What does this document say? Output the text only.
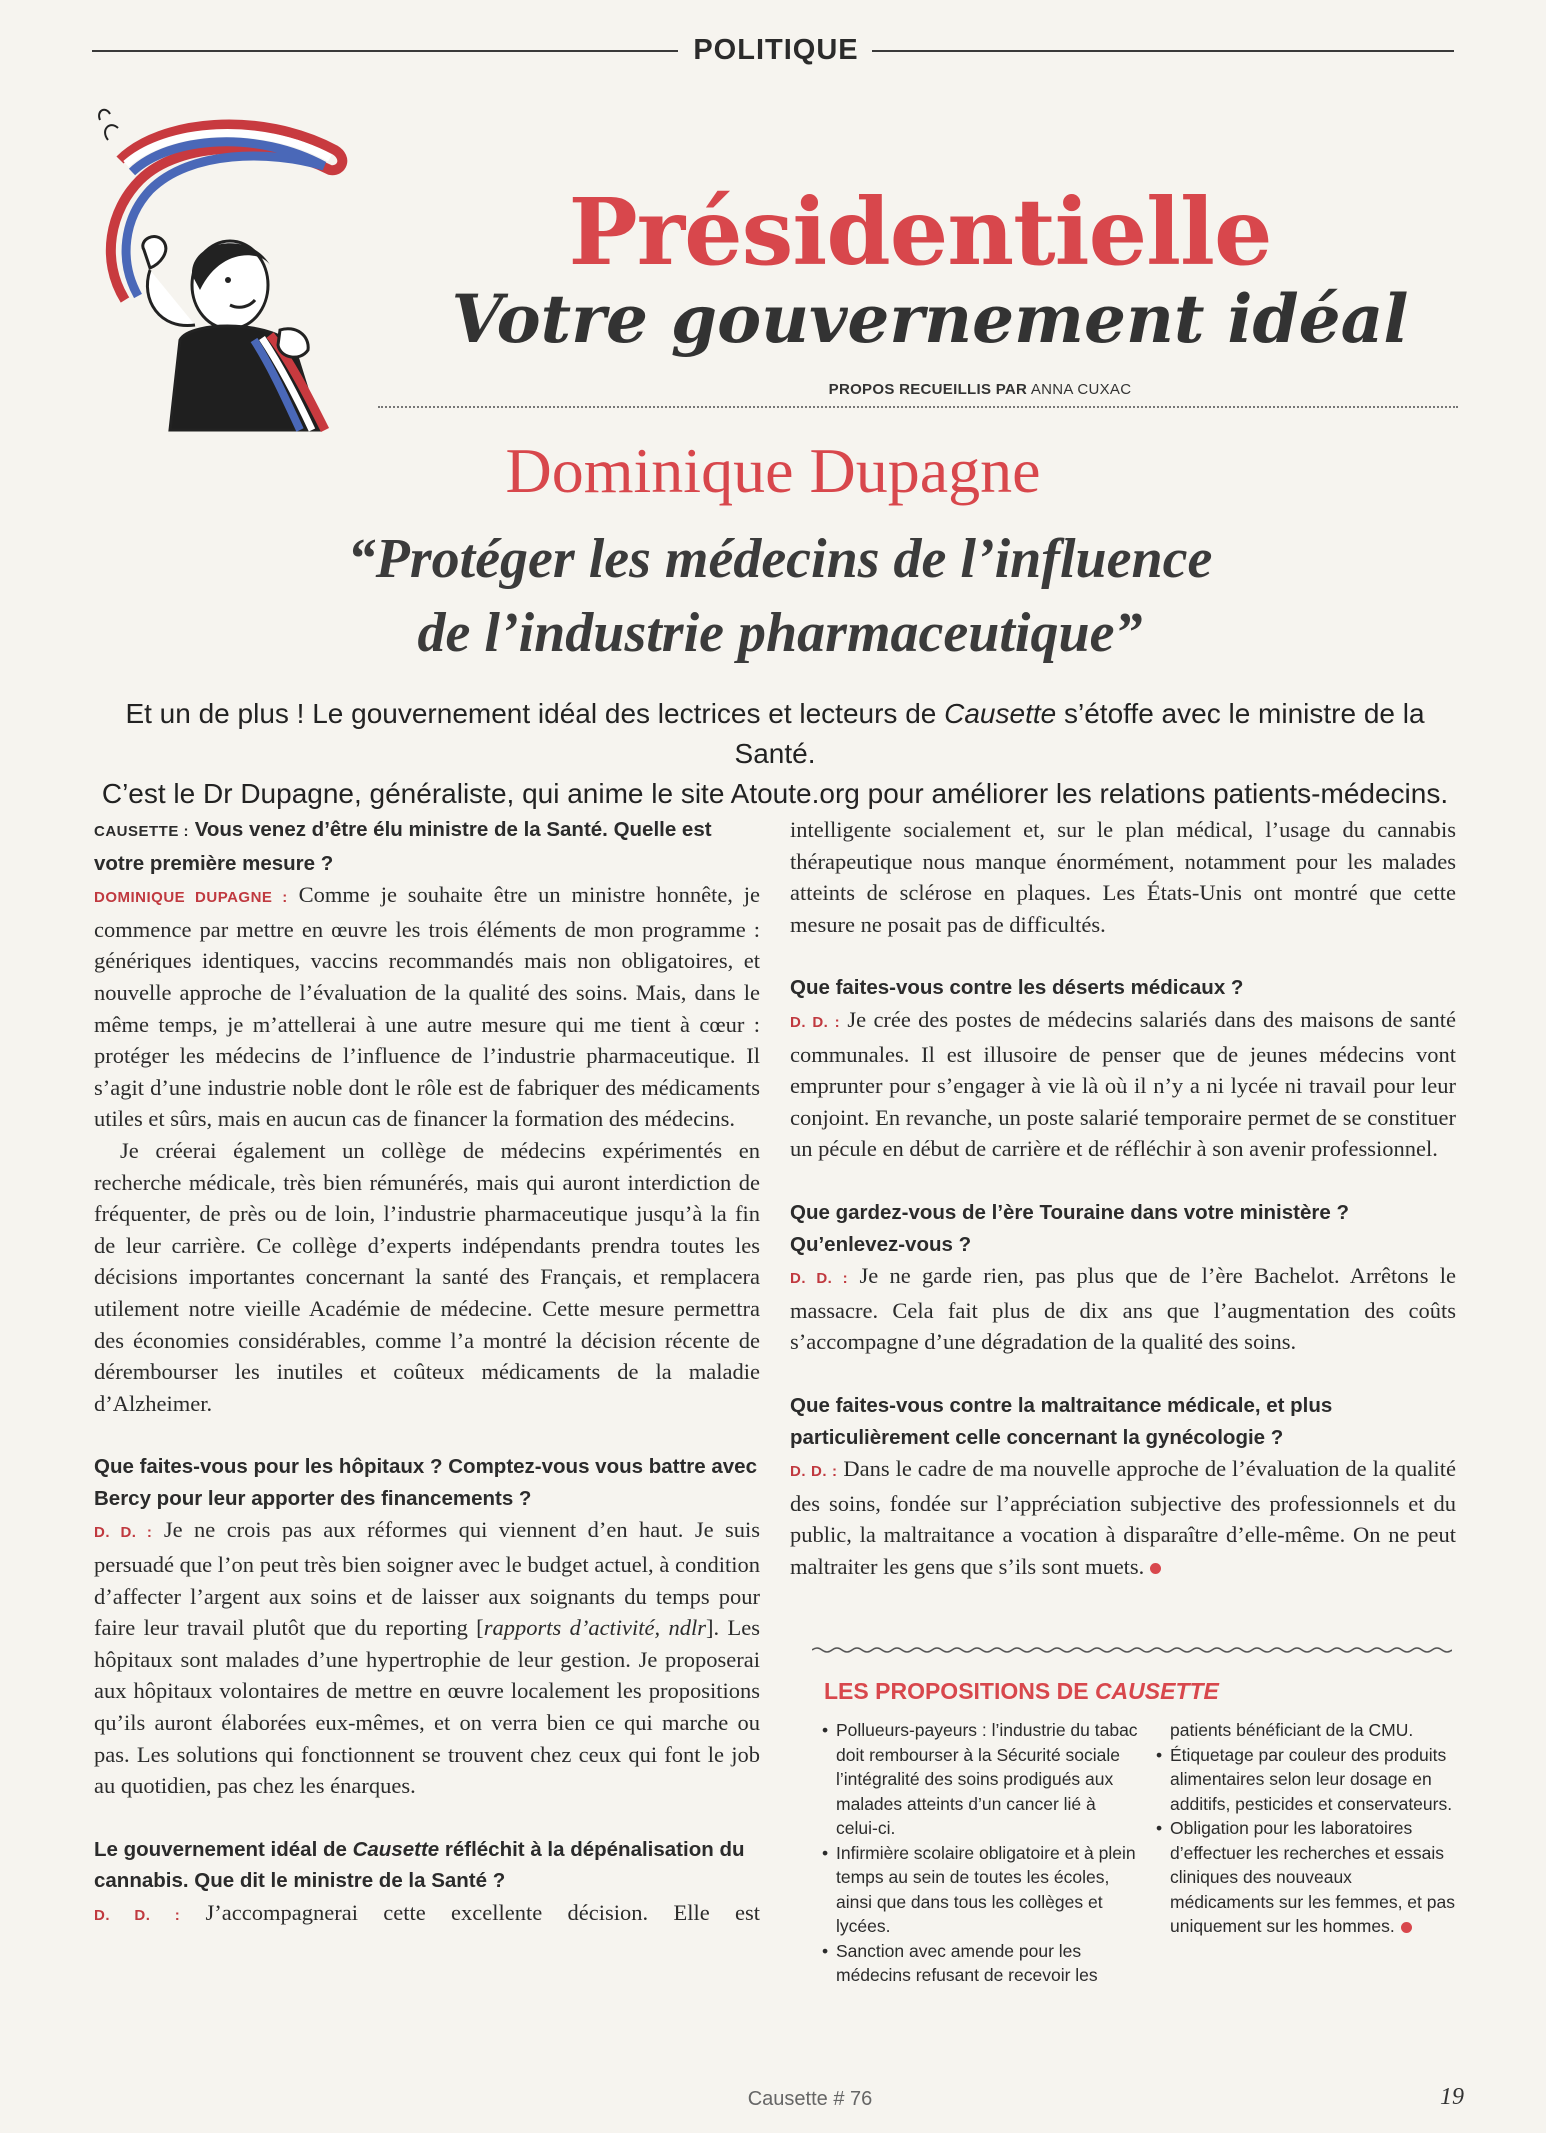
POLITIQUE
Présidentielle
Votre gouvernement idéal
PROPOS RECUEILLIS PAR ANNA CUXAC
Dominique Dupagne
“Protéger les médecins de l’influence
de l’industrie pharmaceutique”
Et un de plus ! Le gouvernement idéal des lectrices et lecteurs de Causette s’étoffe avec le ministre de la Santé.
C’est le Dr Dupagne, généraliste, qui anime le site Atoute.org pour améliorer les relations patients-médecins.

CAUSETTE : Vous venez d’être élu ministre de la Santé. Quelle est votre première mesure ?

DOMINIQUE DUPAGNE : Comme je souhaite être un ministre honnête, je commence par mettre en œuvre les trois éléments de mon programme : génériques identiques, vaccins recommandés mais non obligatoires, et nouvelle approche de l’évaluation de la qualité des soins. Mais, dans le même temps, je m’attellerai à une autre mesure qui me tient à cœur : protéger les médecins de l’influence de l’industrie pharmaceutique. Il s’agit d’une industrie noble dont le rôle est de fabriquer des médicaments utiles et sûrs, mais en aucun cas de financer la formation des médecins.

Je créerai également un collège de médecins expérimentés en recherche médicale, très bien rémunérés, mais qui auront interdiction de fréquenter, de près ou de loin, l’industrie pharmaceutique jusqu’à la fin de leur carrière. Ce collège d’experts indépendants prendra toutes les décisions importantes concernant la santé des Français, et remplacera utilement notre vieille Académie de médecine. Cette mesure permettra des économies considérables, comme l’a montré la décision récente de dérembourser les inutiles et coûteux médicaments de la maladie d’Alzheimer.

Que faites-vous pour les hôpitaux ? Comptez-vous vous battre avec Bercy pour leur apporter des financements ?

D. D. : Je ne crois pas aux réformes qui viennent d’en haut. Je suis persuadé que l’on peut très bien soigner avec le budget actuel, à condition d’affecter l’argent aux soins et de laisser aux soignants du temps pour faire leur travail plutôt que du reporting [rapports d’activité, ndlr]. Les hôpitaux sont malades d’une hypertrophie de leur gestion. Je proposerai aux hôpitaux volontaires de mettre en œuvre localement les propositions qu’ils auront élaborées eux-mêmes, et on verra bien ce qui marche ou pas. Les solutions qui fonctionnent se trouvent chez ceux qui font le job au quotidien, pas chez les énarques.

Le gouvernement idéal de Causette réfléchit à la dépénalisation du cannabis. Que dit le ministre de la Santé ?

D. D. : J’accompagnerai cette excellente décision. Elle est

intelligente socialement et, sur le plan médical, l’usage du cannabis thérapeutique nous manque énormément, notamment pour les malades atteints de sclérose en plaques. Les États-Unis ont montré que cette mesure ne posait pas de difficultés.

Que faites-vous contre les déserts médicaux ?

D. D. : Je crée des postes de médecins salariés dans des maisons de santé communales. Il est illusoire de penser que de jeunes médecins vont emprunter pour s’engager à vie là où il n’y a ni lycée ni travail pour leur conjoint. En revanche, un poste salarié temporaire permet de se constituer un pécule en début de carrière et de réfléchir à son avenir professionnel.

Que gardez-vous de l’ère Touraine dans votre ministère ? Qu’enlevez-vous ?

D. D. : Je ne garde rien, pas plus que de l’ère Bachelot. Arrêtons le massacre. Cela fait plus de dix ans que l’augmentation des coûts s’accompagne d’une dégradation de la qualité des soins.

Que faites-vous contre la maltraitance médicale, et plus particulièrement celle concernant la gynécologie ?

D. D. : Dans le cadre de ma nouvelle approche de l’évaluation de la qualité des soins, fondée sur l’appréciation subjective des professionnels et du public, la maltraitance a vocation à disparaître d’elle-même. On ne peut maltraiter les gens que s’ils sont muets.

LES PROPOSITIONS DE CAUSETTE
• Pollueurs-payeurs : l’industrie du tabac doit rembourser à la Sécurité sociale l’intégralité des soins prodigués aux malades atteints d’un cancer lié à celui-ci.
• Infirmière scolaire obligatoire et à plein temps au sein de toutes les écoles, ainsi que dans tous les collèges et lycées.
• Sanction avec amende pour les médecins refusant de recevoir les
patients bénéficiant de la CMU.
• Étiquetage par couleur des produits alimentaires selon leur dosage en additifs, pesticides et conservateurs.
• Obligation pour les laboratoires d’effectuer les recherches et essais cliniques des nouveaux médicaments sur les femmes, et pas uniquement sur les hommes.
Causette # 76	19
